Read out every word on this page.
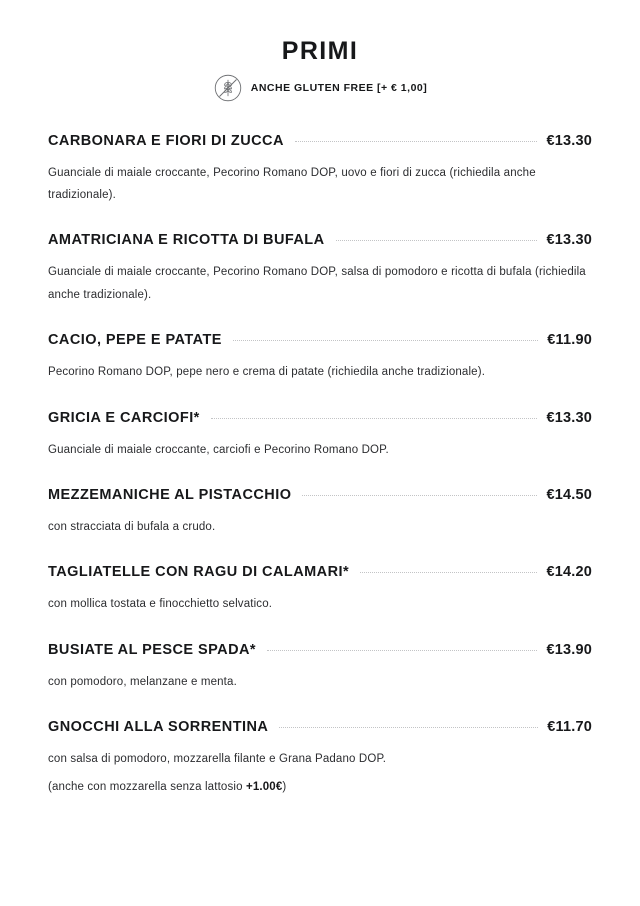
PRIMI
ANCHE GLUTEN FREE [+ € 1,00]
CARBONARA E FIORI DI ZUCCA	€13.30
Guanciale di maiale croccante, Pecorino Romano DOP, uovo e fiori di zucca (richiedila anche tradizionale).
AMATRICIANA E RICOTTA DI BUFALA	€13.30
Guanciale di maiale croccante, Pecorino Romano DOP, salsa di pomodoro e ricotta di bufala (richiedila anche tradizionale).
CACIO, PEPE E PATATE	€11.90
Pecorino Romano DOP, pepe nero e crema di patate (richiedila anche tradizionale).
GRICIA E CARCIOFI*	€13.30
Guanciale di maiale croccante, carciofi e Pecorino Romano DOP.
MEZZEMANICHE AL PISTACCHIO	€14.50
con stracciata di bufala a crudo.
TAGLIATELLE CON RAGU DI CALAMARI*	€14.20
con mollica tostata e finocchietto selvatico.
BUSIATE AL PESCE SPADA*	€13.90
con pomodoro, melanzane e menta.
GNOCCHI ALLA SORRENTINA	€11.70
con salsa di pomodoro, mozzarella filante e Grana Padano DOP.
(anche con mozzarella senza lattosio +1.00€)
